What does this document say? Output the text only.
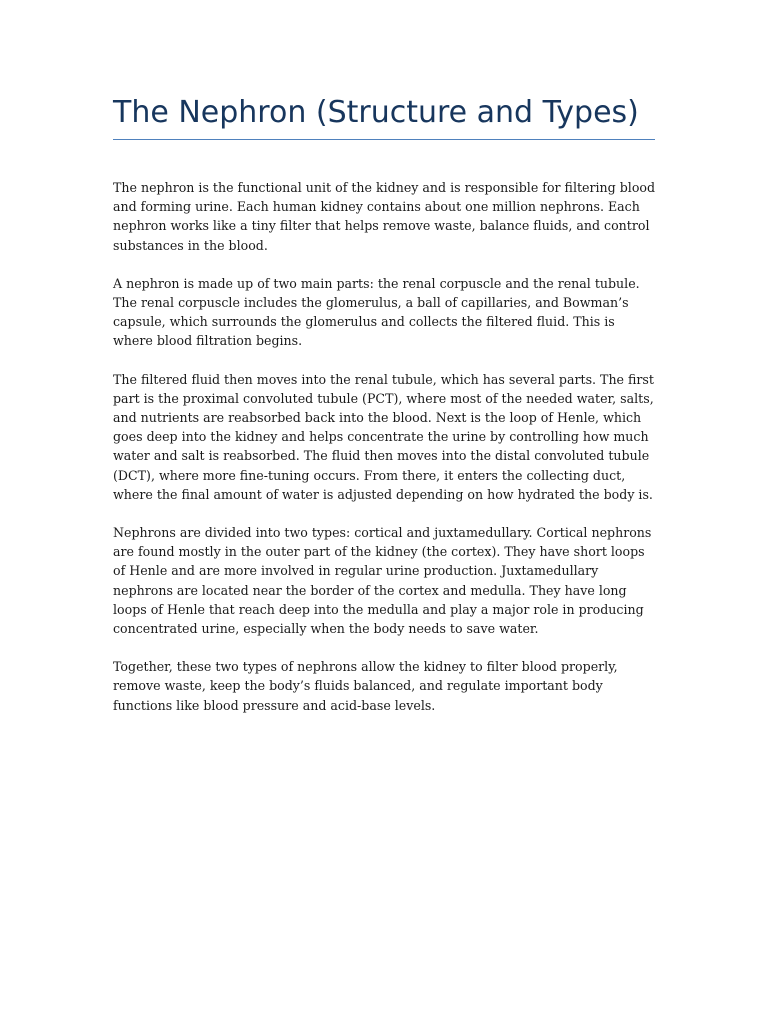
The Nephron (Structure and Types)

The nephron is the functional unit of the kidney and is responsible for filtering blood and forming urine. Each human kidney contains about one million nephrons. Each nephron works like a tiny filter that helps remove waste, balance fluids, and control substances in the blood.

A nephron is made up of two main parts: the renal corpuscle and the renal tubule. The renal corpuscle includes the glomerulus, a ball of capillaries, and Bowman’s capsule, which surrounds the glomerulus and collects the filtered fluid. This is where blood filtration begins.

The filtered fluid then moves into the renal tubule, which has several parts. The first part is the proximal convoluted tubule (PCT), where most of the needed water, salts, and nutrients are reabsorbed back into the blood. Next is the loop of Henle, which goes deep into the kidney and helps concentrate the urine by controlling how much water and salt is reabsorbed. The fluid then moves into the distal convoluted tubule (DCT), where more fine-tuning occurs. From there, it enters the collecting duct, where the final amount of water is adjusted depending on how hydrated the body is.

Nephrons are divided into two types: cortical and juxtamedullary. Cortical nephrons are found mostly in the outer part of the kidney (the cortex). They have short loops of Henle and are more involved in regular urine production. Juxtamedullary nephrons are located near the border of the cortex and medulla. They have long loops of Henle that reach deep into the medulla and play a major role in producing concentrated urine, especially when the body needs to save water.

Together, these two types of nephrons allow the kidney to filter blood properly, remove waste, keep the body’s fluids balanced, and regulate important body functions like blood pressure and acid-base levels.
